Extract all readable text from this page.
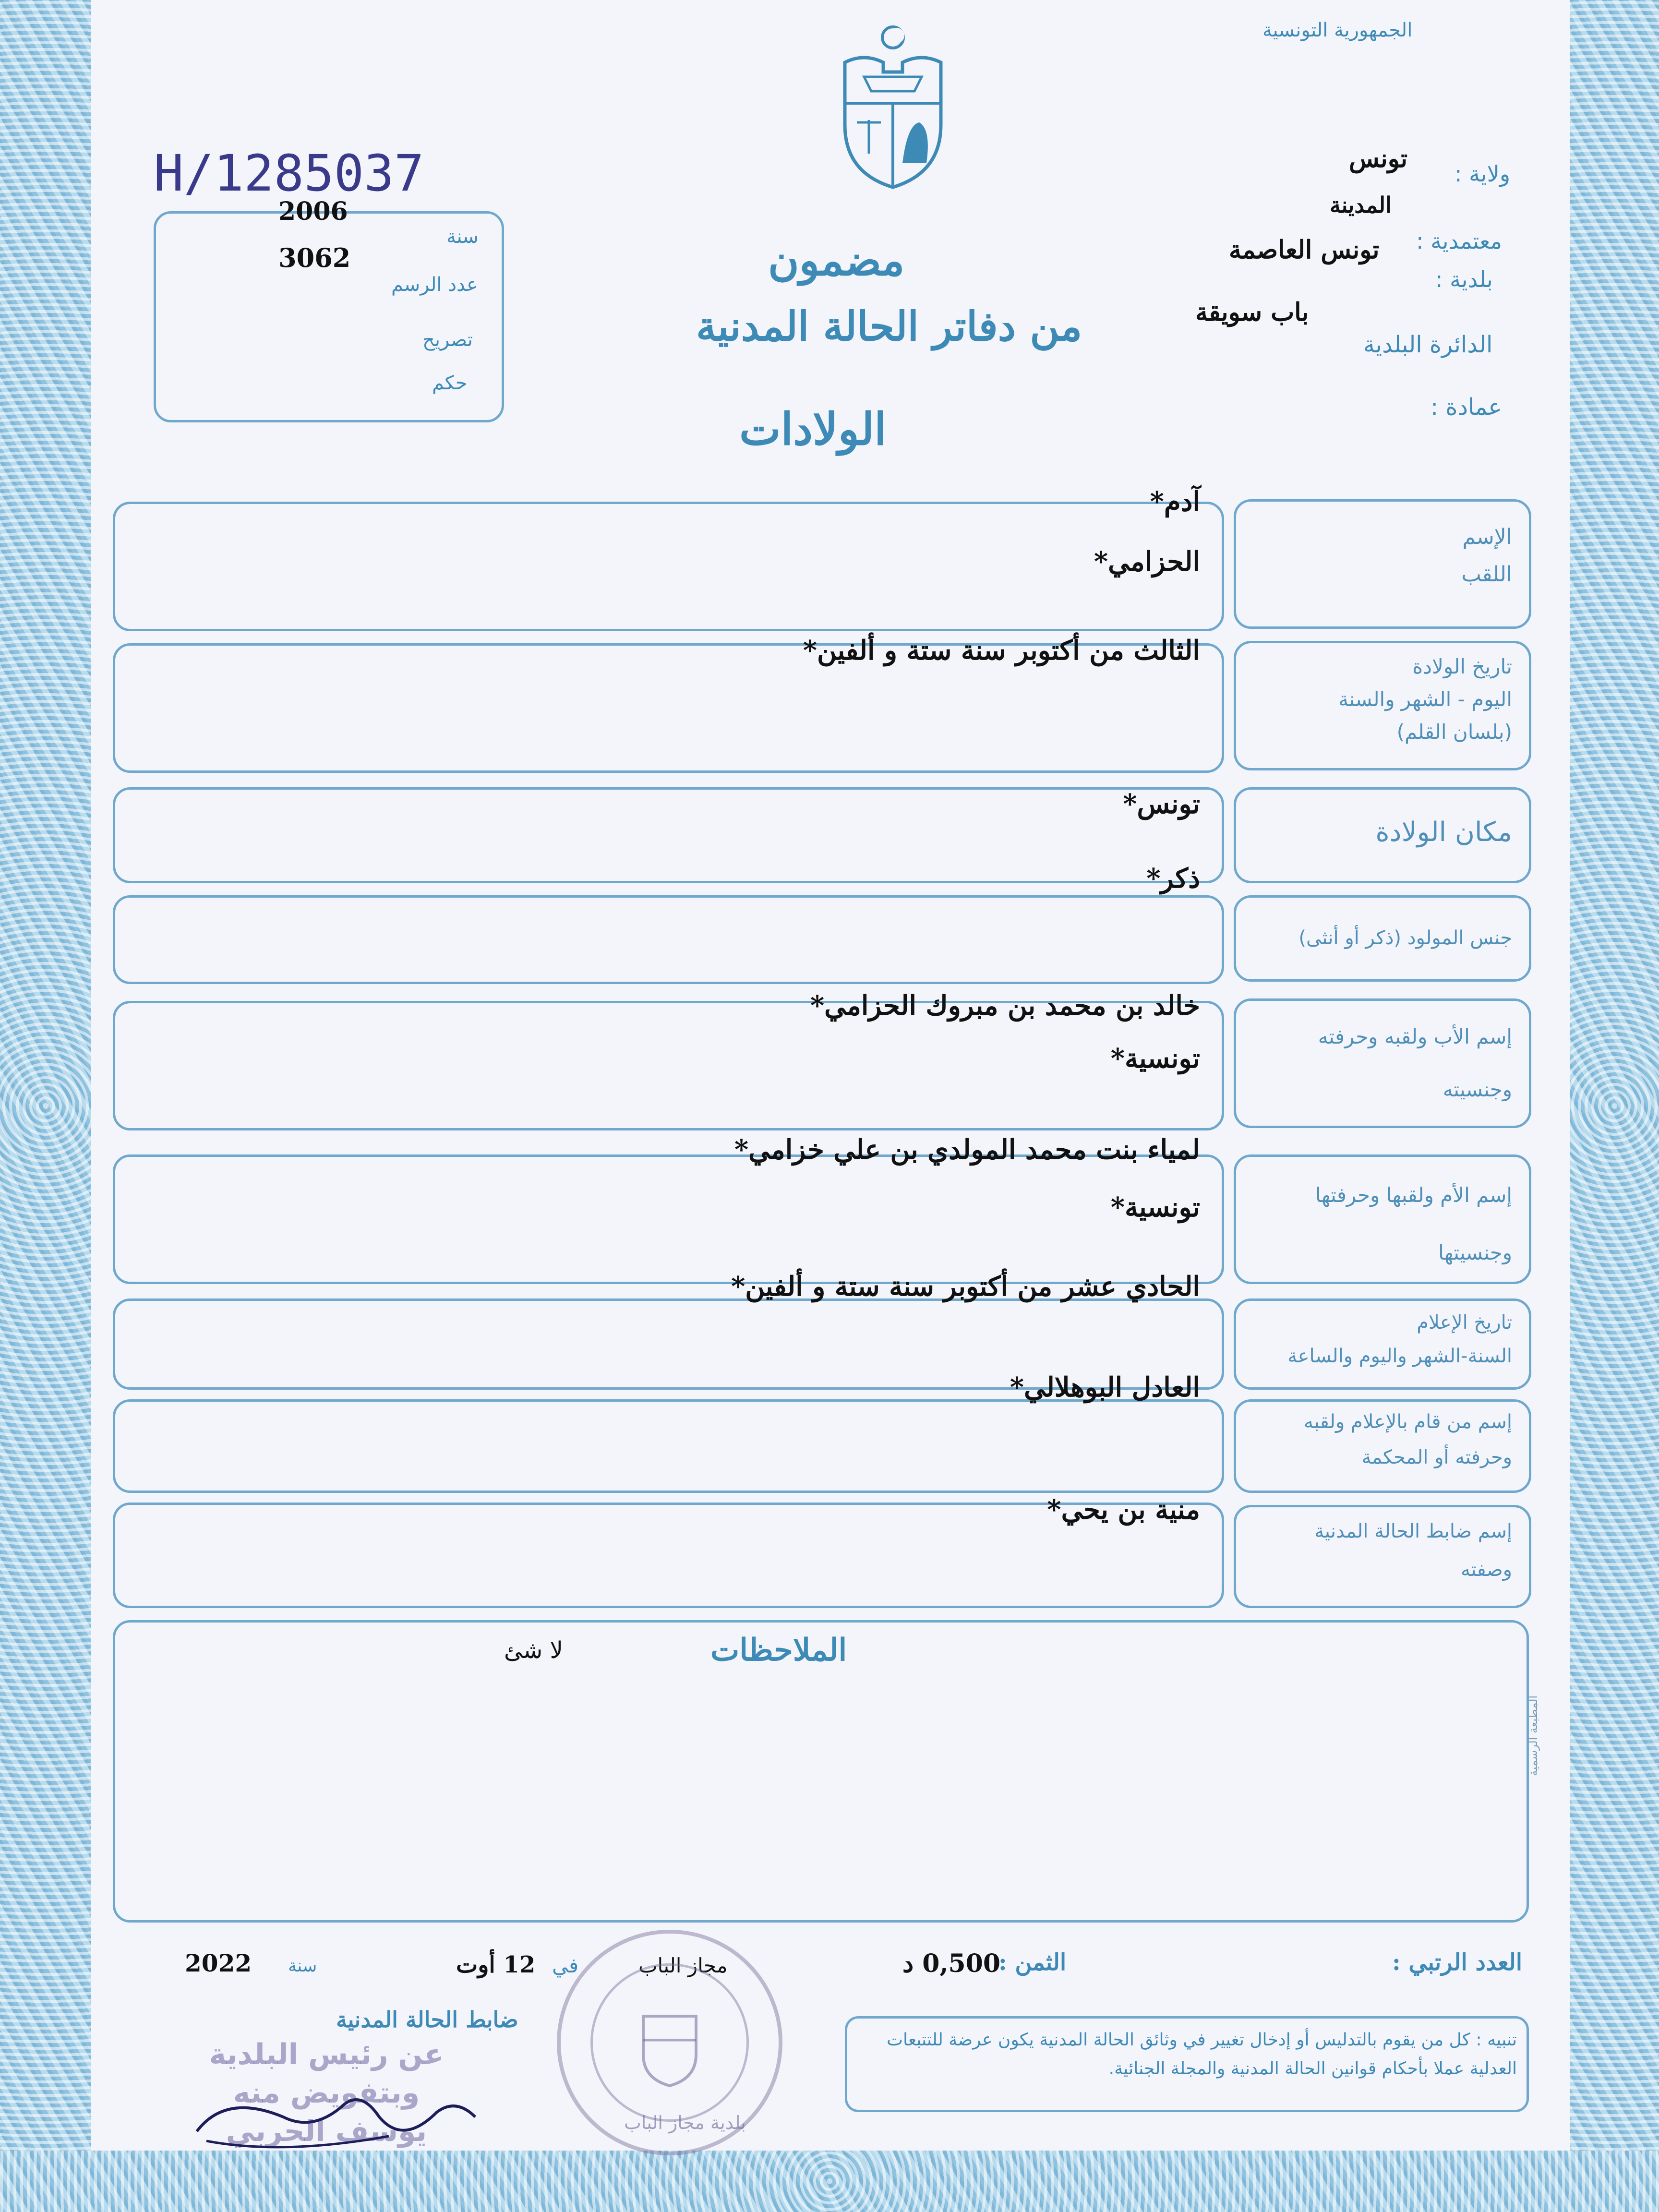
الجمهورية التونسية
ولاية :
تونس
المدينة
معتمدية :
تونس العاصمة
بلدية :
الدائرة البلدية
باب سويقة
عمادة :
H/1285037
سنة
2006
عدد الرسم
3062
تصريح
حكم
مضمون
من دفاتر الحالة المدنية
الولادات
الإسم
اللقب
آدم*
الحزامي*
تاريخ الولادة
اليوم - الشهر والسنة
(بلسان القلم)
الثالث من أكتوبر سنة ستة و ألفين*
مكان الولادة
تونس*
جنس المولود (ذكر أو أنثى)
ذكر*
إسم الأب ولقبه وحرفته
وجنسيته
خالد بن محمد بن مبروك الحزامي*
تونسية*
إسم الأم ولقبها وحرفتها
وجنسيتها
لمياء بنت محمد المولدي بن علي خزامي*
تونسية*
تاريخ الإعلام
السنة-الشهر واليوم والساعة
الحادي عشر من أكتوبر سنة ستة و ألفين*
إسم من قام بالإعلام ولقبه
وحرفته أو المحكمة
العادل البوهلالي*
إسم ضابط الحالة المدنية
وصفته
منية بن يحي*
الملاحظات
لا شئ
المطبعة الرسمية
العدد الرتبي :
الثمن :
0,500 د
مجاز الباب
في
12 أوت
سنة
2022
ضابط الحالة المدنية
عن رئيس البلدية
وبتفويض منه
يوسف الحربي	بلدية مجاز الباب
تنبيه : كل من يقوم بالتدليس أو إدخال تغيير في وثائق الحالة المدنية يكون عرضة للتتبعات العدلية عملا بأحكام قوانين الحالة المدنية والمجلة الجنائية.
